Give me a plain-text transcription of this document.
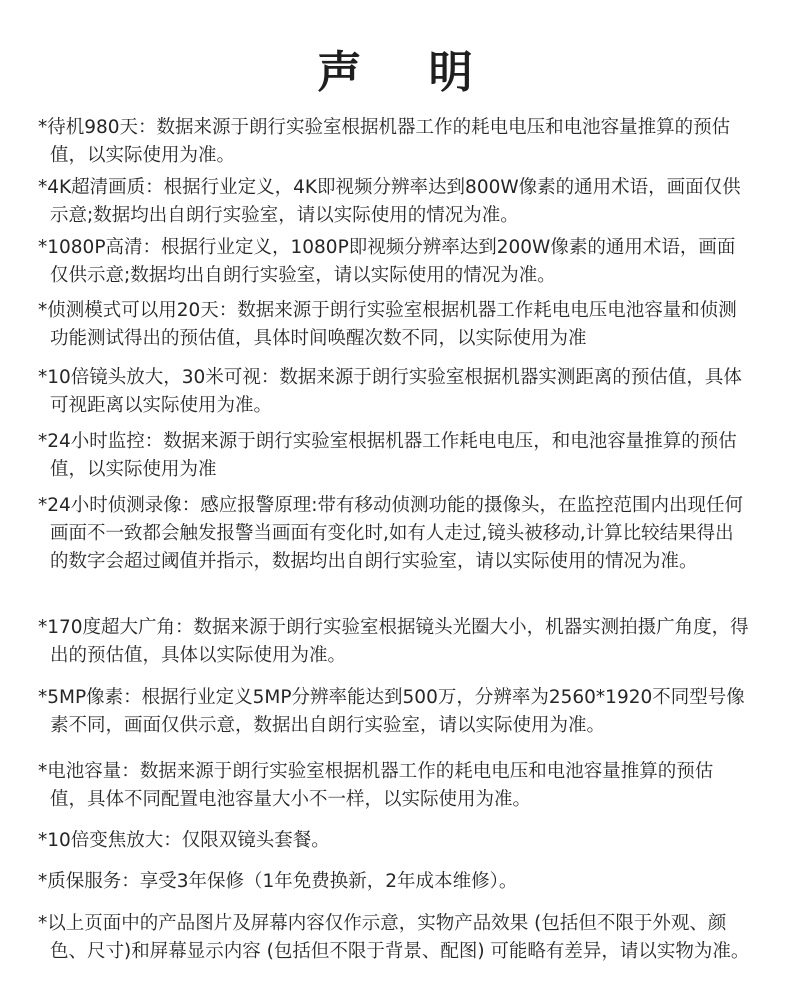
声 明

*待机980天：数据来源于朗行实验室根据机器工作的耗电电压和电池容量推算的预估值，以实际使用为准。

*4K超清画质：根据行业定义，4K即视频分辨率达到800W像素的通用术语，画面仅供示意;数据均出自朗行实验室，请以实际使用的情况为准。

*1080P高清：根据行业定义，1080P即视频分辨率达到200W像素的通用术语，画面仅供示意;数据均出自朗行实验室，请以实际使用的情况为准。

*侦测模式可以用20天：数据来源于朗行实验室根据机器工作耗电电压电池容量和侦测功能测试得出的预估值，具体时间唤醒次数不同，以实际使用为准

*10倍镜头放大，30米可视：数据来源于朗行实验室根据机器实测距离的预估值，具体可视距离以实际使用为准。

*24小时监控：数据来源于朗行实验室根据机器工作耗电电压，和电池容量推算的预估值，以实际使用为准

*24小时侦测录像：感应报警原理:带有移动侦测功能的摄像头，在监控范围内出现任何画面不一致都会触发报警当画面有变化时,如有人走过,镜头被移动,计算比较结果得出的数字会超过阈值并指示，数据均出自朗行实验室，请以实际使用的情况为准。

*170度超大广角：数据来源于朗行实验室根据镜头光圈大小，机器实测拍摄广角度，得出的预估值，具体以实际使用为准。

*5MP像素：根据行业定义5MP分辨率能达到500万，分辨率为2560*1920不同型号像素不同，画面仅供示意，数据出自朗行实验室，请以实际使用为准。

*电池容量：数据来源于朗行实验室根据机器工作的耗电电压和电池容量推算的预估值，具体不同配置电池容量大小不一样，以实际使用为准。

*10倍变焦放大：仅限双镜头套餐。

*质保服务：享受3年保修（1年免费换新，2年成本维修）。

*以上页面中的产品图片及屏幕内容仅作示意，实物产品效果 (包括但不限于外观、颜色、尺寸)和屏幕显示内容 (包括但不限于背景、配图) 可能略有差异，请以实物为准。
